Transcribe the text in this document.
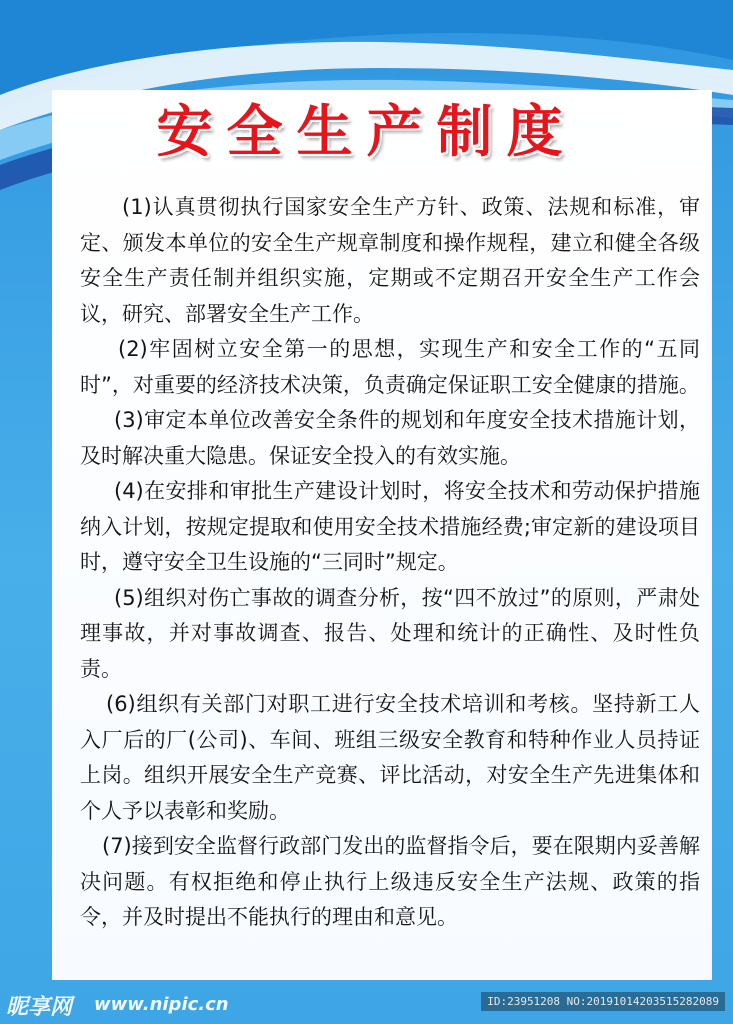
安全生产制度

(1)认真贯彻执行国家安全生产方针、政策、法规和标准，审定、颁发本单位的安全生产规章制度和操作规程，建立和健全各级安全生产责任制并组织实施，定期或不定期召开安全生产工作会议，研究、部署安全生产工作。

(2)牢固树立安全第一的思想，实现生产和安全工作的“五同时”，对重要的经济技术决策，负责确定保证职工安全健康的措施。

(3)审定本单位改善安全条件的规划和年度安全技术措施计划，及时解决重大隐患。保证安全投入的有效实施。

(4)在安排和审批生产建设计划时，将安全技术和劳动保护措施纳入计划，按规定提取和使用安全技术措施经费;审定新的建设项目时，遵守安全卫生设施的“三同时”规定。

(5)组织对伤亡事故的调查分析，按“四不放过”的原则，严肃处理事故，并对事故调查、报告、处理和统计的正确性、及时性负责。

(6)组织有关部门对职工进行安全技术培训和考核。坚持新工人入厂后的厂(公司)、车间、班组三级安全教育和特种作业人员持证上岗。组织开展安全生产竞赛、评比活动，对安全生产先进集体和个人予以表彰和奖励。

(7)接到安全监督行政部门发出的监督指令后，要在限期内妥善解决问题。有权拒绝和停止执行上级违反安全生产法规、政策的指令，并及时提出不能执行的理由和意见。

昵享网 www.nipic.cn	ID:23951208 NO:20191014203515282089
